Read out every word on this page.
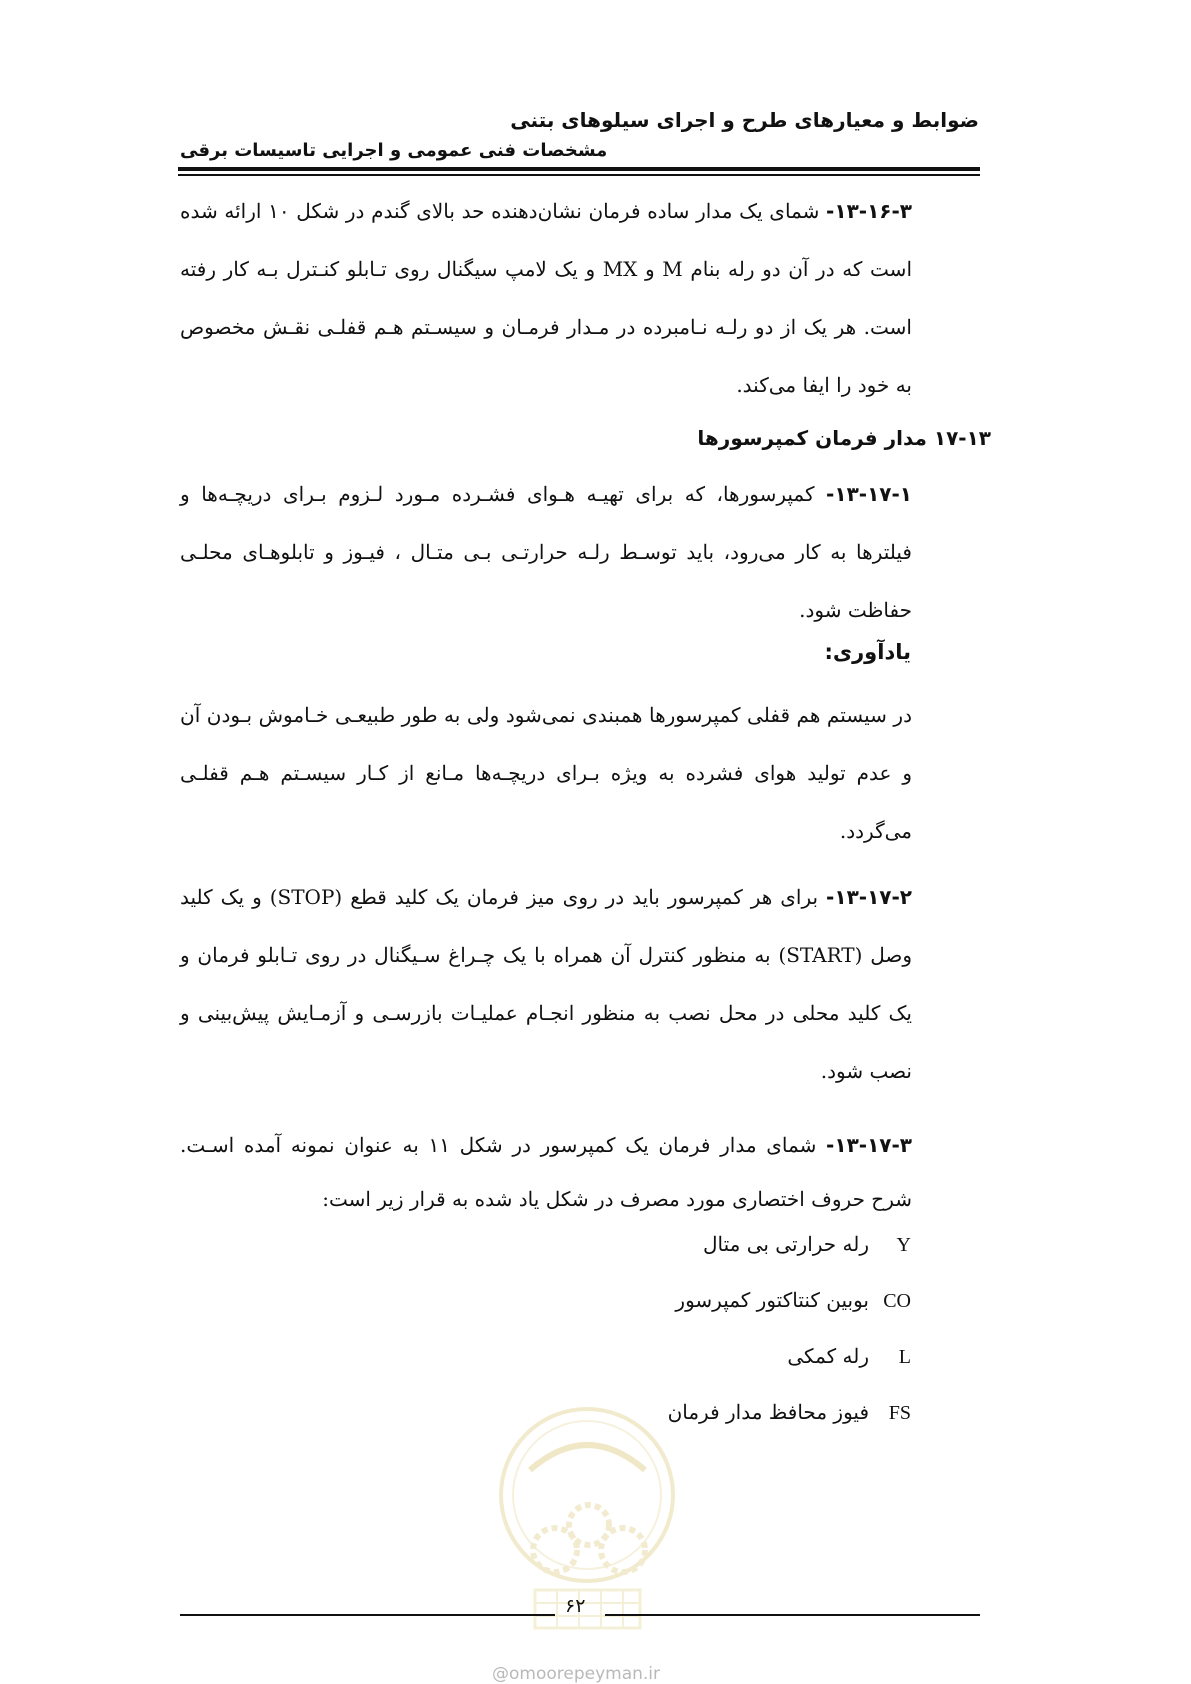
ضوابط و معیارهای طرح و اجرای سیلوهای بتنی
مشخصات فنی عمومی و اجرایی تاسیسات برقی
۱۳-۱۶-۳- شمای یک مدار ساده فرمان نشان‌دهنده حد بالای گندم در شکل ۱۰ ارائه شده است که در آن دو رله بنام M و MX و یک لامپ سیگنال روی تـابلو کنـترل بـه کار رفته است. هر یک از دو رلـه نـامبرده در مـدار فرمـان و سیسـتم هـم قفلـی نقـش مخصوص به خود را ایفا می‌کند.
۱۷-۱۳ مدار فرمان کمپرسورها
۱۳-۱۷-۱- کمپرسورها، که برای تهیـه هـوای فشـرده مـورد لـزوم بـرای دریچـه‌ها و فیلترها به کار می‌رود، باید توسـط رلـه حرارتـی بـی متـال ، فیـوز و تابلوهـای محلـی حفاظت شود.
یادآوری:
در سیستم هم قفلی کمپرسورها همبندی نمی‌شود ولی به طور طبیعـی خـاموش بـودن آن و عدم تولید هوای فشرده به ویژه بـرای دریچـه‌ها مـانع از کـار سیسـتم هـم قفلـی می‌گردد.
۱۳-۱۷-۲- برای هر کمپرسور باید در روی میز فرمان یک کلید قطع (STOP) و یک کلید وصل (START) به منظور کنترل آن همراه با یک چـراغ سـیگنال در روی تـابلو فرمان و یک کلید محلی در محل نصب به منظور انجـام عملیـات بازرسـی و آزمـایش پیش‌بینی و نصب شود.
۱۳-۱۷-۳- شمای مدار فرمان یک کمپرسور در شکل ۱۱ به عنوان نمونه آمده اسـت. شرح حروف اختصاری مورد مصرف در شکل یاد شده به قرار زیر است:
Yرله حرارتی بی متال
COبوبین کنتاکتور کمپرسور
Lرله کمکی
FSفیوز محافظ مدار فرمان
۶۲
@omoorepeyman.ir
